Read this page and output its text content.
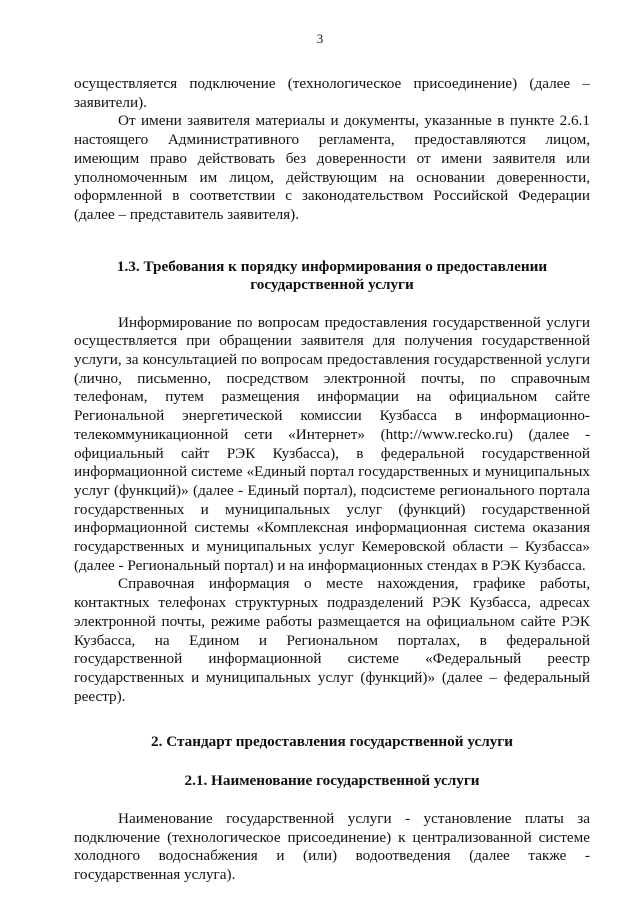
3

осуществляется подключение (технологическое присоединение) (далее – заявители).

От имени заявителя материалы и документы, указанные в пункте 2.6.1 настоящего Административного регламента, предоставляются лицом, имеющим право действовать без доверенности от имени заявителя или уполномоченным им лицом, действующим на основании доверенности, оформленной в соответствии с законодательством Российской Федерации (далее – представитель заявителя).

1.3. Требования к порядку информирования о предоставлении
государственной услуги

Информирование по вопросам предоставления государственной услуги осуществляется при обращении заявителя для получения государственной услуги, за консультацией по вопросам предоставления государственной услуги (лично, письменно, посредством электронной почты, по справочным телефонам, путем размещения информации на официальном сайте Региональной энергетической комиссии Кузбасса в информационно-телекоммуникационной сети «Интернет» (http://www.recko.ru) (далее - официальный сайт РЭК Кузбасса), в федеральной государственной информационной системе «Единый портал государственных и муниципальных услуг (функций)» (далее - Единый портал), подсистеме регионального портала государственных и муниципальных услуг (функций) государственной информационной системы «Комплексная информационная система оказания государственных и муниципальных услуг Кемеровской области – Кузбасса» (далее - Региональный портал) и на информационных стендах в РЭК Кузбасса.

Справочная информация о месте нахождения, графике работы, контактных телефонах структурных подразделений РЭК Кузбасса, адресах электронной почты, режиме работы размещается на официальном сайте РЭК Кузбасса, на Едином и Региональном порталах, в федеральной государственной информационной системе «Федеральный реестр государственных и муниципальных услуг (функций)» (далее – федеральный реестр).

2. Стандарт предоставления государственной услуги
2.1. Наименование государственной услуги

Наименование государственной услуги - установление платы за подключение (технологическое присоединение) к централизованной системе холодного водоснабжения и (или) водоотведения (далее также - государственная услуга).
